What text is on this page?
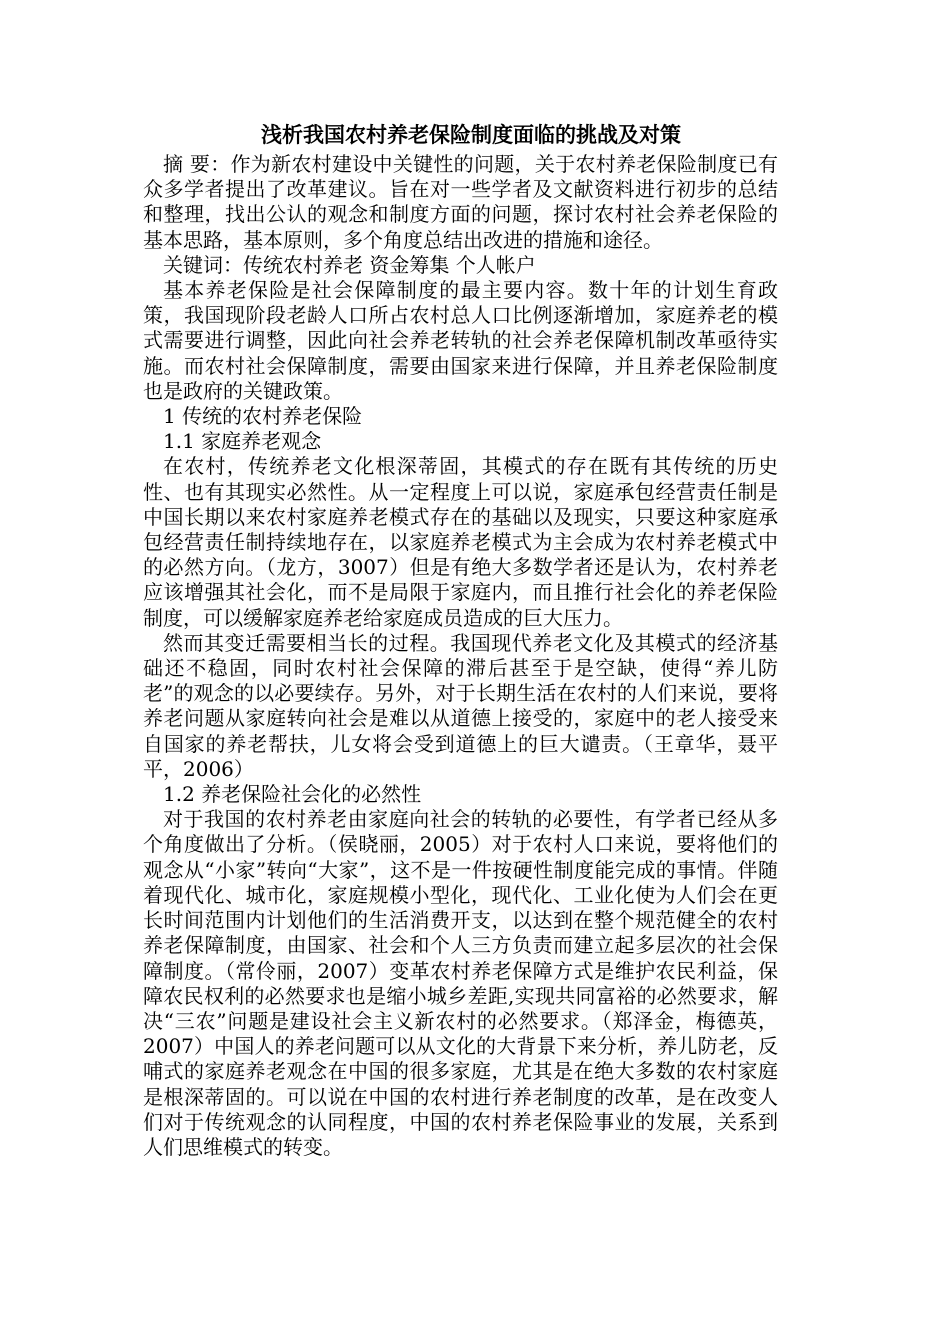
浅析我国农村养老保险制度面临的挑战及对策

摘 要：作为新农村建设中关键性的问题，关于农村养老保险制度已有众多学者提出了改革建议。旨在对一些学者及文献资料进行初步的总结和整理，找出公认的观念和制度方面的问题，探讨农村社会养老保险的基本思路，基本原则，多个角度总结出改进的措施和途径。

关键词：传统农村养老 资金筹集 个人帐户

基本养老保险是社会保障制度的最主要内容。数十年的计划生育政策，我国现阶段老龄人口所占农村总人口比例逐渐增加，家庭养老的模式需要进行调整，因此向社会养老转轨的社会养老保障机制改革亟待实施。而农村社会保障制度，需要由国家来进行保障，并且养老保险制度也是政府的关键政策。

1 传统的农村养老保险

1.1 家庭养老观念

在农村，传统养老文化根深蒂固，其模式的存在既有其传统的历史性、也有其现实必然性。从一定程度上可以说，家庭承包经营责任制是中国长期以来农村家庭养老模式存在的基础以及现实，只要这种家庭承包经营责任制持续地存在，以家庭养老模式为主会成为农村养老模式中的必然方向。（龙方，3007）但是有绝大多数学者还是认为，农村养老应该增强其社会化，而不是局限于家庭内，而且推行社会化的养老保险制度，可以缓解家庭养老给家庭成员造成的巨大压力。

然而其变迁需要相当长的过程。我国现代养老文化及其模式的经济基础还不稳固，同时农村社会保障的滞后甚至于是空缺，使得“养儿防老”的观念的以必要续存。另外，对于长期生活在农村的人们来说，要将养老问题从家庭转向社会是难以从道德上接受的，家庭中的老人接受来自国家的养老帮扶，儿女将会受到道德上的巨大谴责。（王章华，聂平平，2006）

1.2 养老保险社会化的必然性

对于我国的农村养老由家庭向社会的转轨的必要性，有学者已经从多个角度做出了分析。（侯晓丽，2005）对于农村人口来说，要将他们的观念从“小家”转向“大家”，这不是一件按硬性制度能完成的事情。伴随着现代化、城市化，家庭规模小型化，现代化、工业化使为人们会在更长时间范围内计划他们的生活消费开支，以达到在整个规范健全的农村养老保障制度，由国家、社会和个人三方负责而建立起多层次的社会保障制度。（常伶丽，2007）变革农村养老保障方式是维护农民利益，保障农民权利的必然要求也是缩小城乡差距,实现共同富裕的必然要求，解决“三农”问题是建设社会主义新农村的必然要求。（郑泽金，梅德英，2007）中国人的养老问题可以从文化的大背景下来分析，养儿防老，反哺式的家庭养老观念在中国的很多家庭，尤其是在绝大多数的农村家庭是根深蒂固的。可以说在中国的农村进行养老制度的改革，是在改变人们对于传统观念的认同程度，中国的农村养老保险事业的发展，关系到人们思维模式的转变。
